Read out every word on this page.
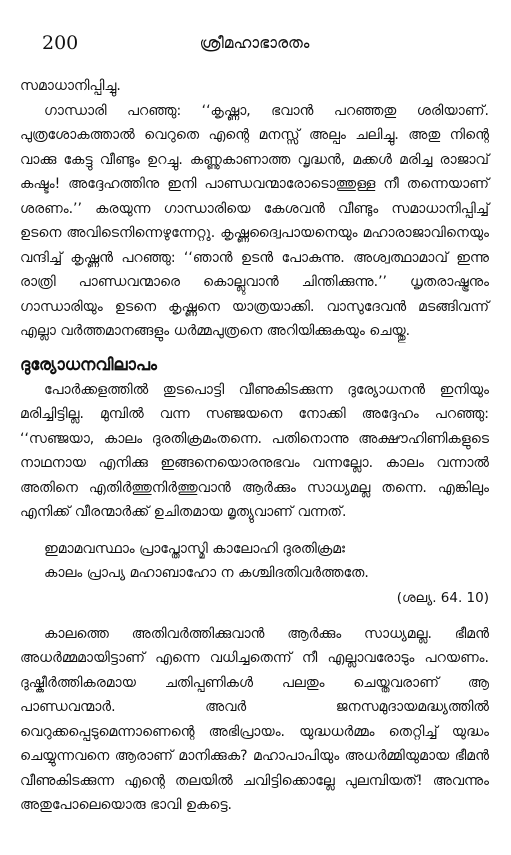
200	ശ്രീമഹാഭാരതം

സമാധാനിപ്പിച്ചു.

ഗാന്ധാരി പറഞ്ഞു: ‘‘കൃഷ്ണാ, ഭവാൻ പറഞ്ഞതു ശരിയാണ്. പുത്രശോകത്താൽ വെറുതെ എന്റെ മനസ്സ് അല്പം ചലിച്ചു. അതു നിന്റെ വാക്കു കേട്ടു വീണ്ടും ഉറച്ചു. കണ്ണുകാണാത്ത വൃദ്ധൻ, മക്കൾ മരിച്ച രാജാവ് കഷ്ടം! അദ്ദേഹത്തിനു ഇനി പാണ്ഡവന്മാരോടൊത്തുള്ള നീ തന്നെയാണ് ശരണം.’’ കരയുന്ന ഗാന്ധാരിയെ കേശവൻ വീണ്ടും സമാധാനിപ്പിച്ച് ഉടനെ അവിടെനിന്നെഴുന്നേറ്റു. കൃഷ്ണദ്വൈപായനെയും മഹാരാജാവിനെയും വന്ദിച്ച് കൃഷ്ണൻ പറഞ്ഞു: ‘‘ഞാൻ ഉടൻ പോകുന്നു. അശ്വത്ഥാമാവ് ഇന്നു രാത്രി പാണ്ഡവന്മാരെ കൊല്ലുവാൻ ചിന്തിക്കുന്നു.’’ ധൃതരാഷ്ട്രനും ഗാന്ധാരിയും ഉടനെ കൃഷ്ണനെ യാത്രയാക്കി. വാസുദേവൻ മടങ്ങിവന്ന് എല്ലാ വർത്തമാനങ്ങളും ധർമ്മപുത്രനെ അറിയിക്കുകയും ചെയ്തു.

ദുര്യോധനവിലാപം

പോർക്കളത്തിൽ തുടപൊട്ടി വീണുകിടക്കുന്ന ദുര്യോധനൻ ഇനിയും മരിച്ചിട്ടില്ല. മുമ്പിൽ വന്ന സഞ്ജയനെ നോക്കി അദ്ദേഹം പറഞ്ഞു: ‘‘സഞ്ജയാ, കാലം ദുരതിക്രമംതന്നെ. പതിനൊന്നു അക്ഷൗഹിണികളുടെ നാഥനായ എനിക്കു ഇങ്ങനെയൊരനുഭവം വന്നല്ലോ. കാലം വന്നാൽ അതിനെ എതിർത്തുനിർത്തുവാൻ ആർക്കും സാധ്യമല്ല തന്നെ. എങ്കിലും എനിക്ക് വീരന്മാർക്ക് ഉചിതമായ മൃത്യുവാണ് വന്നത്.

ഇമാമവസ്ഥാം പ്രാപ്തോസ്മി കാലോഹി ദുരതിക്രമഃ
കാലം പ്രാപ്യ മഹാബാഹോ ന കശ്ചിദതിവർത്തതേ.
(ശല്യ. 64. 10)

കാലത്തെ അതിവർത്തിക്കുവാൻ ആർക്കും സാധ്യമല്ല. ഭീമൻ അധർമ്മമായിട്ടാണ് എന്നെ വധിച്ചതെന്ന് നീ എല്ലാവരോടും പറയണം. ദുഷ്കീർത്തികരമായ ചതിപ്പണികൾ പലതും ചെയ്തവരാണ് ആ പാണ്ഡവന്മാർ. അവർ ജനസമുദായമദ്ധ്യത്തിൽ വെറുക്കപ്പെടുമെന്നാണെന്റെ അഭിപ്രായം. യുദ്ധധർമ്മം തെറ്റിച്ച് യുദ്ധം ചെയ്യുന്നവനെ ആരാണ് മാനിക്കുക? മഹാപാപിയും അധർമ്മിയുമായ ഭീമൻ വീണുകിടക്കുന്ന എന്റെ തലയിൽ ചവിട്ടിക്കൊല്ലേ പുലമ്പിയത്! അവന്നും അതുപോലെയൊരു ഭാവി ഉകട്ടെ.
